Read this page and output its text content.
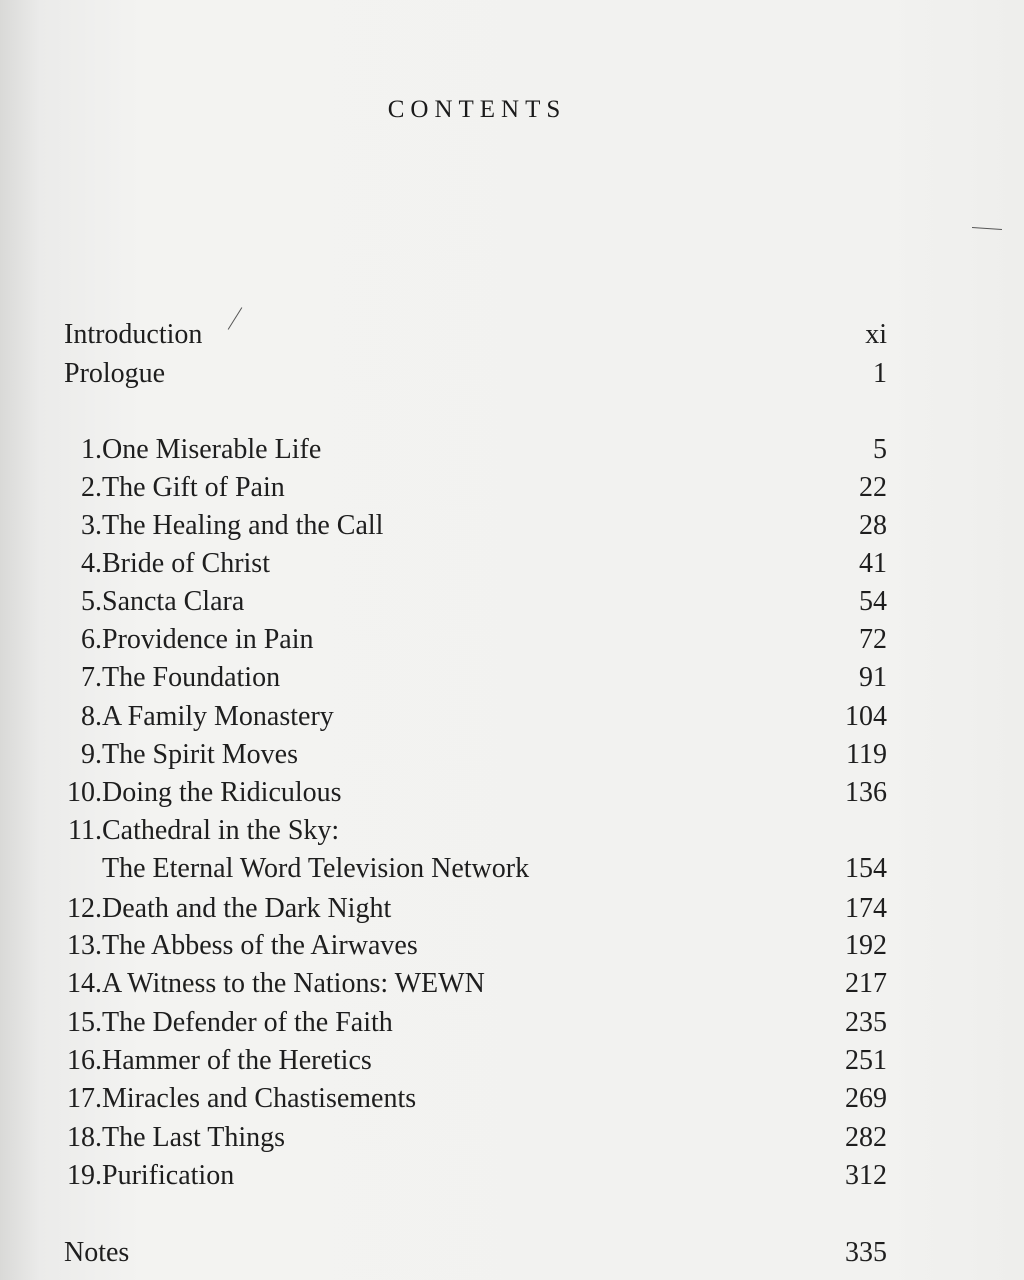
CONTENTS
Introduction	xi
Prologue	1
1. One Miserable Life	5
2. The Gift of Pain	22
3. The Healing and the Call	28
4. Bride of Christ	41
5. Sancta Clara	54
6. Providence in Pain	72
7. The Foundation	91
8. A Family Monastery	104
9. The Spirit Moves	119
10. Doing the Ridiculous	136
11. Cathedral in the Sky:
The Eternal Word Television Network	154
12. Death and the Dark Night	174
13. The Abbess of the Airwaves	192
14. A Witness to the Nations: WEWN	217
15. The Defender of the Faith	235
16. Hammer of the Heretics	251
17. Miracles and Chastisements	269
18. The Last Things	282
19. Purification	312
Notes	335
